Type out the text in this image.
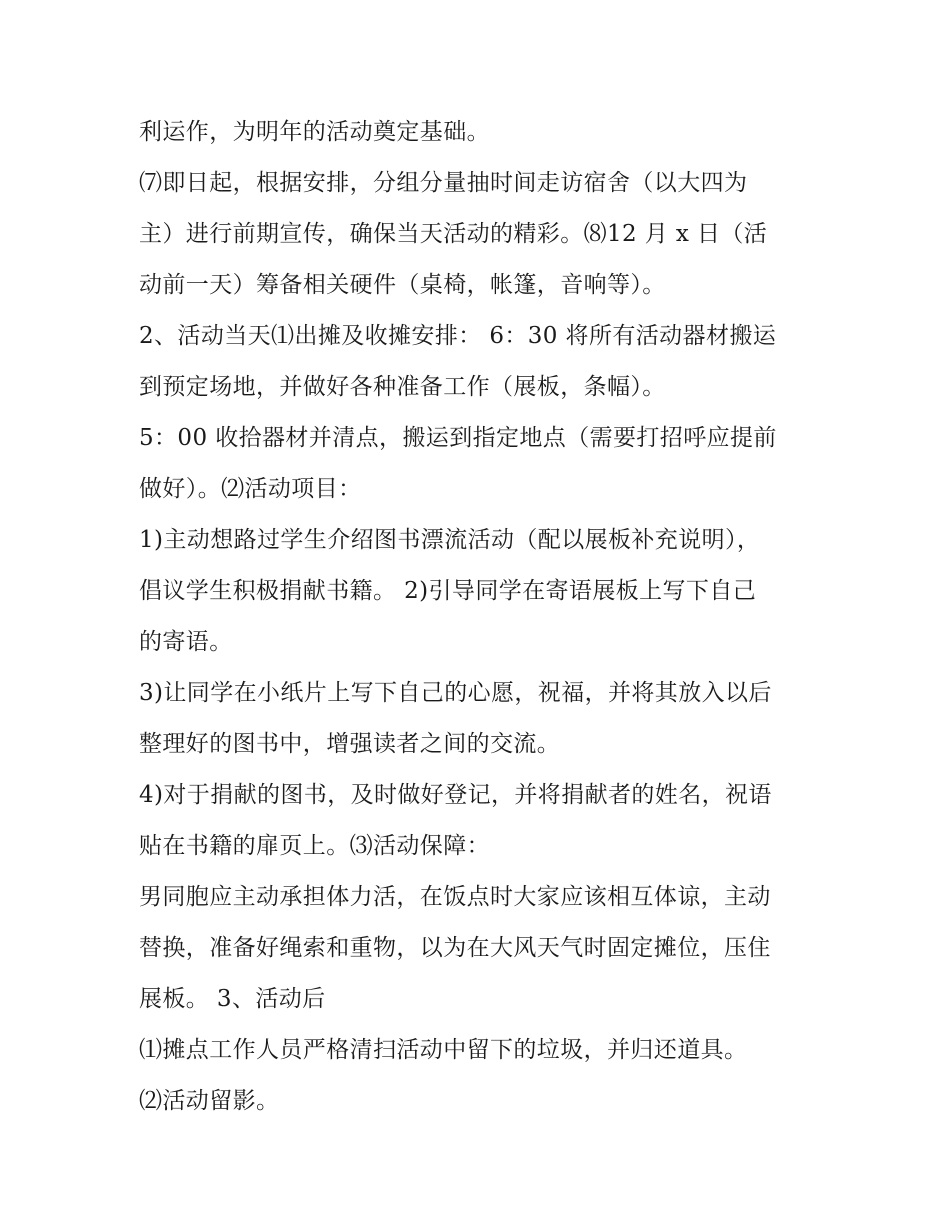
利运作，为明年的活动奠定基础。
⑺即日起，根据安排，分组分量抽时间走访宿舍（以大四为
主）进行前期宣传，确保当天活动的精彩。⑻12 月 x 日（活
动前一天）筹备相关硬件（桌椅，帐篷，音响等）。
2、活动当天⑴出摊及收摊安排： 6：30 将所有活动器材搬运
到预定场地，并做好各种准备工作（展板，条幅）。
5：00 收拾器材并清点，搬运到指定地点（需要打招呼应提前
做好）。⑵活动项目：
1)主动想路过学生介绍图书漂流活动（配以展板补充说明），
倡议学生积极捐献书籍。 2)引导同学在寄语展板上写下自己
的寄语。
3)让同学在小纸片上写下自己的心愿，祝福，并将其放入以后
整理好的图书中，增强读者之间的交流。
4)对于捐献的图书，及时做好登记，并将捐献者的姓名，祝语
贴在书籍的扉页上。⑶活动保障：
男同胞应主动承担体力活，在饭点时大家应该相互体谅，主动
替换，准备好绳索和重物，以为在大风天气时固定摊位，压住
展板。 3、活动后
⑴摊点工作人员严格清扫活动中留下的垃圾，并归还道具。
⑵活动留影。
